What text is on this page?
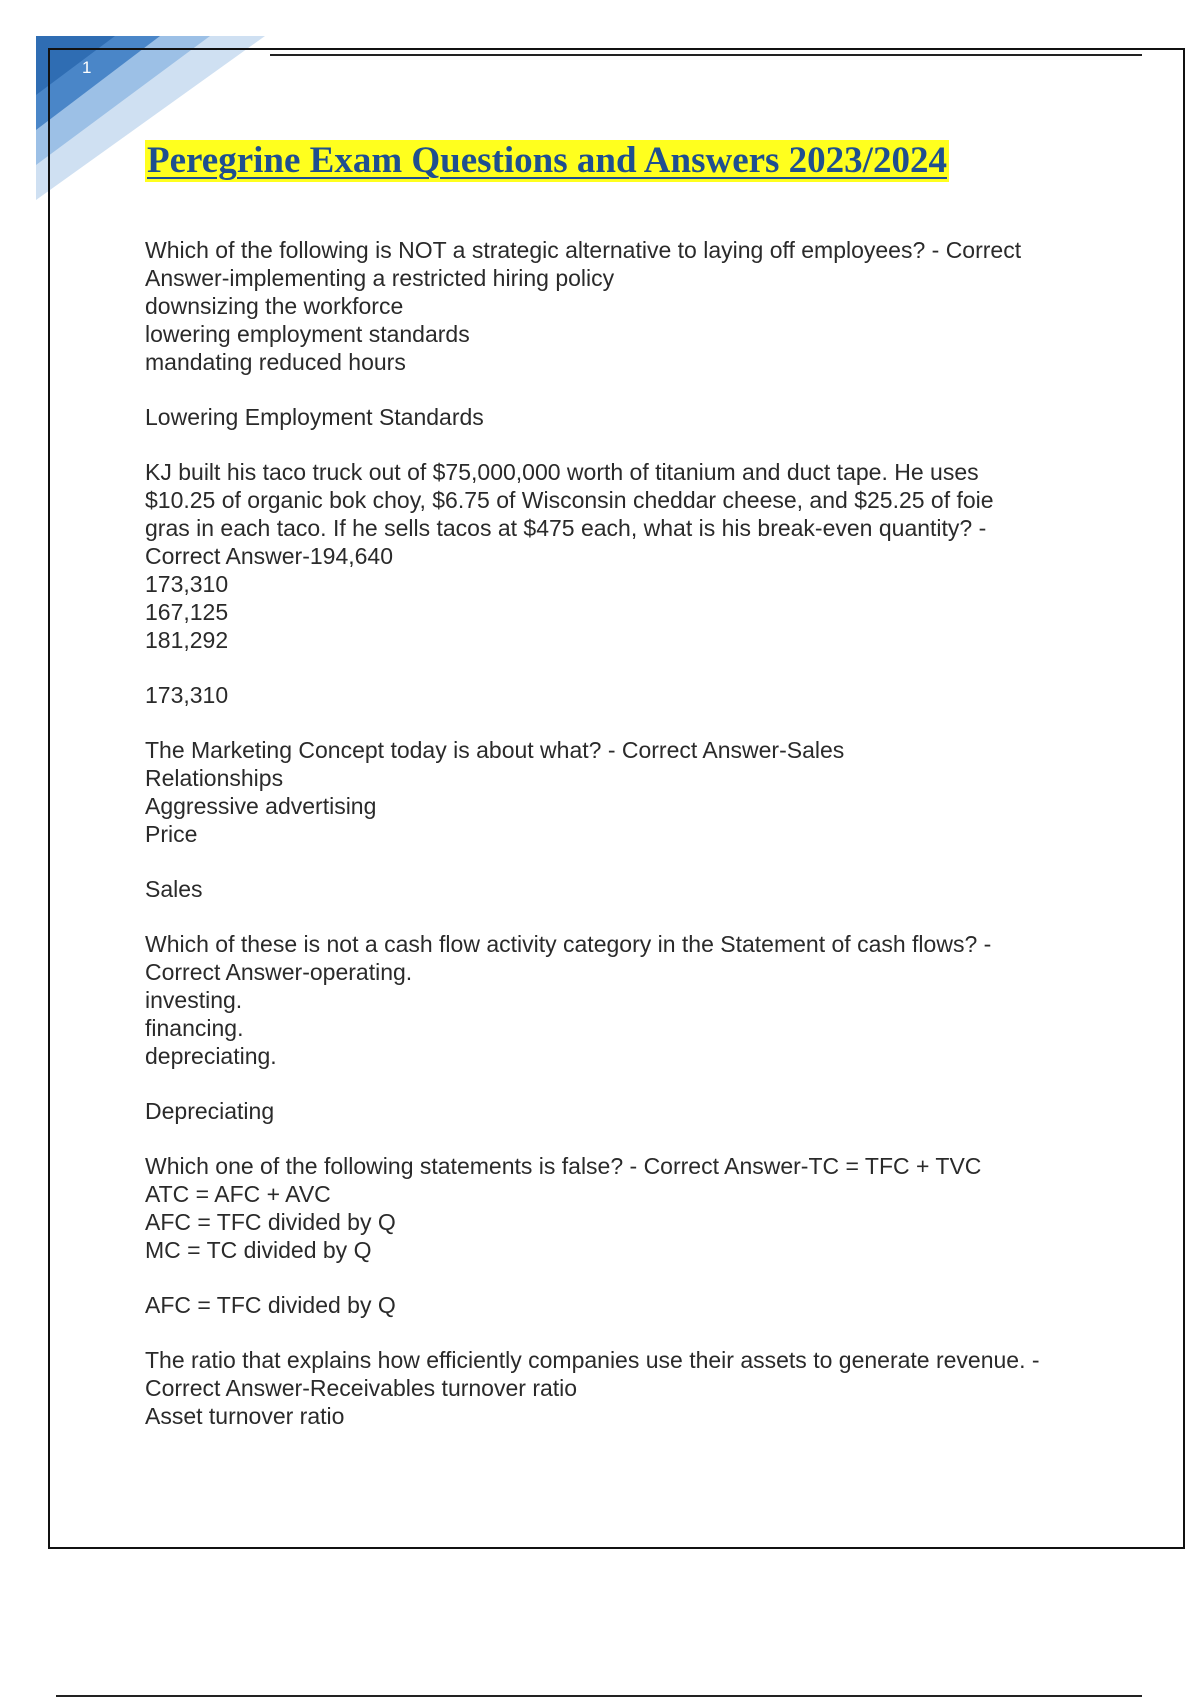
1
Peregrine Exam Questions and Answers 2023/2024
Which of the following is NOT a strategic alternative to laying off employees? - Correct
Answer-implementing a restricted hiring policy
downsizing the workforce
lowering employment standards
mandating reduced hours
Lowering Employment Standards
KJ built his taco truck out of $75,000,000 worth of titanium and duct tape. He uses
$10.25 of organic bok choy, $6.75 of Wisconsin cheddar cheese, and $25.25 of foie
gras in each taco. If he sells tacos at $475 each, what is his break-even quantity? -
Correct Answer-194,640
173,310
167,125
181,292
173,310
The Marketing Concept today is about what? - Correct Answer-Sales
Relationships
Aggressive advertising
Price
Sales
Which of these is not a cash flow activity category in the Statement of cash flows? -
Correct Answer-operating.
investing.
financing.
depreciating.
Depreciating
Which one of the following statements is false? - Correct Answer-TC = TFC + TVC
ATC = AFC + AVC
AFC = TFC divided by Q
MC = TC divided by Q
AFC = TFC divided by Q
The ratio that explains how efficiently companies use their assets to generate revenue. -
Correct Answer-Receivables turnover ratio
Asset turnover ratio
